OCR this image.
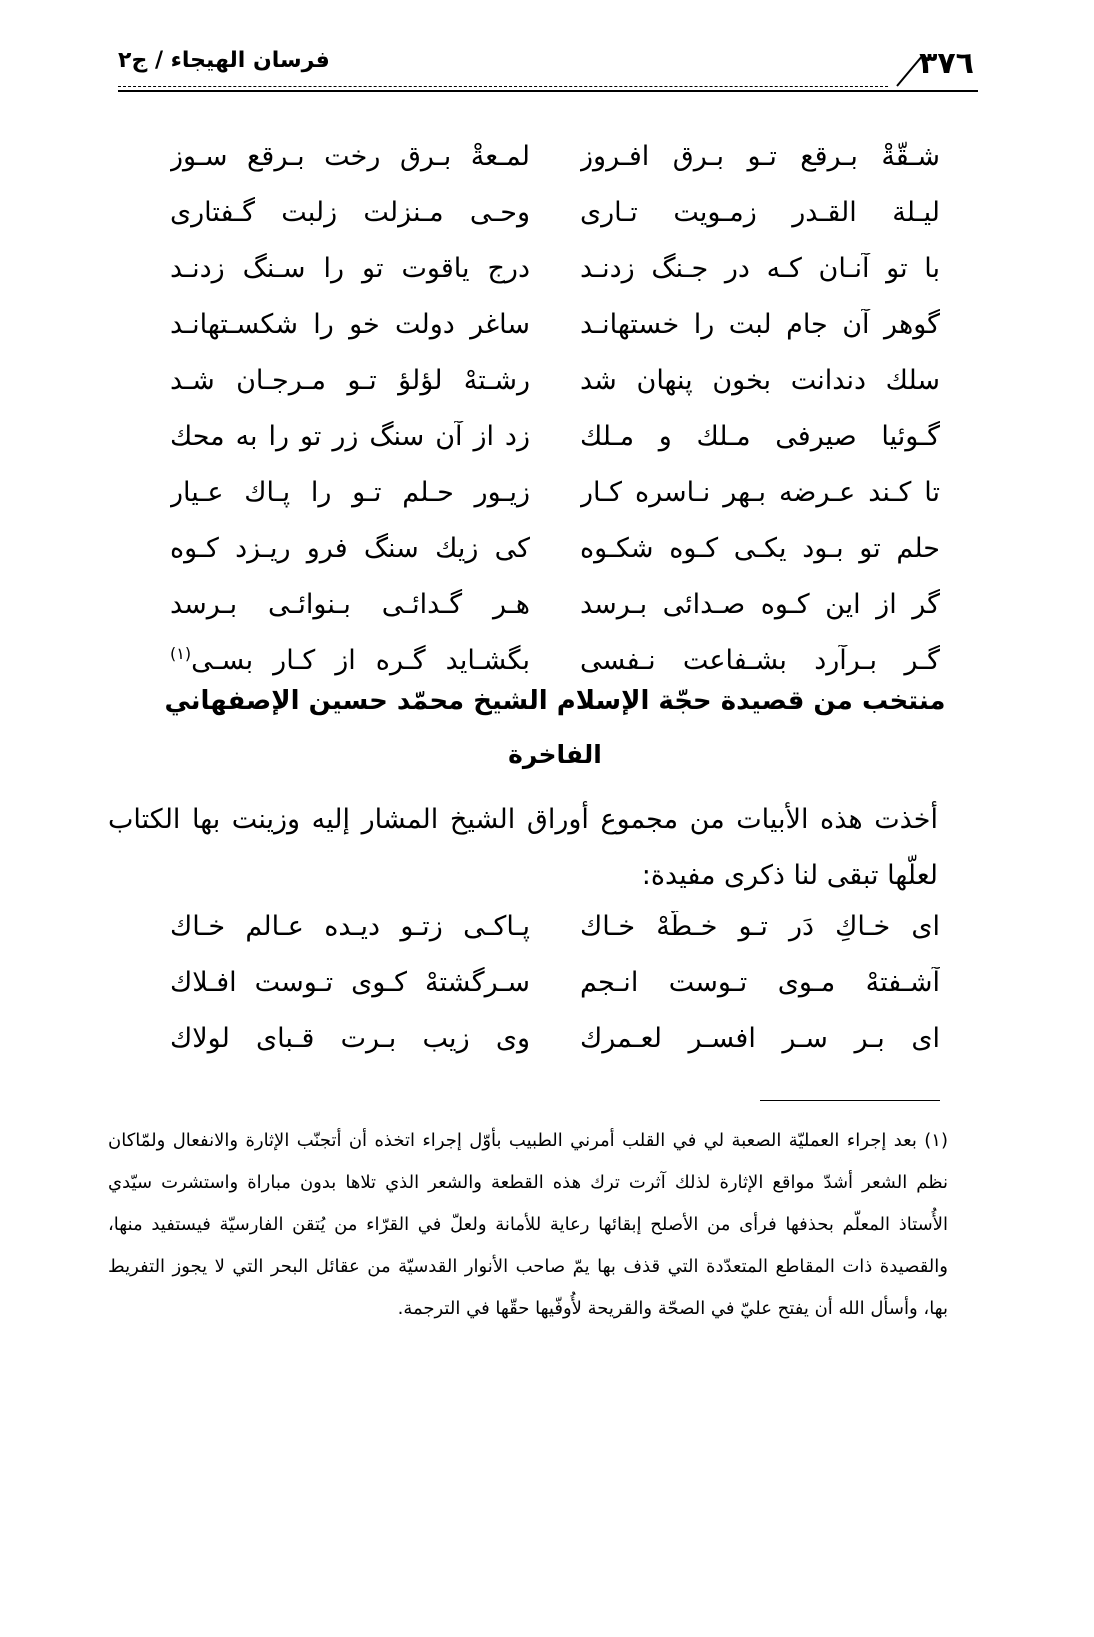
۳۷٦
فرسان الهيجاء / ج۲
شـقّةْ بـرقع تـو بـرق افـروز
لمـعةْ بـرق رخت بـرقع سـوز
ليـلة القـدر زمـويت تـارى
وحـى مـنزلت زلبت گـفتارى
با تو آنـان كـه درِ جـنگ زدنـد
درج ياقوت تو را سـنگ زدنـد
گوهر آن جام لبت را خستهانـد
ساغر دولت خو را شكسـتهانـد
سلك دندانت بخون پنهان شد
رشـتهْ لؤلؤ تـو مـرجـان شـد
گـوئيا صيرفى مـلك و مـلك
زد از آن سنگ زر تو را به محك
تا كـند عـرضه بـهر نـاسره كـار
زيـور حـلم تـو را پـاك عـيار
حلم تو بـود يكـى كـوه شكـوه
كى زيك سنگ فرو ريـزد كـوه
گر از اين كـوه صـدائى بـرسد
هـر گـدائـى بـنوائـى بـرسد
گـر بـرآرد بشـفاعت نـفسى
بگشـايد گـره از كـار بسـى$^{(١)}$
منتخب من قصيدة حجّة الإسلام الشيخ محمّد حسين الإصفهاني
الفاخرة
أخذت هذه الأبيات من مجموع أوراق الشيخ المشار إليه وزينت بها الكتاب لعلّها تبقى لنا ذكرى مفيدة:
اى خـاكِ دَرِ تـو خـطّهْ خـاك
پـاكـى زتـو ديـده عـالم خـاك
آشـفتهْ مـوى تـوست انـجم
سـرگشتهْ كـوى تـوست افـلاك
اى بـر سـر افسـر لعـمرك
وى زيب بـرت قـباى لولاك
(١) بعد إجراء العمليّة الصعبة لي في القلب أمرني الطبيب بأوّل إجراء اتخذه أن أتجنّب الإثارة والانفعال ولمّاكان نظم الشعر أشدّ مواقع الإثارة لذلك آثرت ترك هذه القطعة والشعر الذي تلاها بدون مباراة واستشرت سيّدي الأُستاذ المعلّم بحذفها فرأى من الأصلح إبقائها رعاية للأمانة ولعلّ في القرّاء من يُتقن الفارسيّة فيستفيد منها، والقصيدة ذات المقاطع المتعدّدة التي قذف بها يمّ صاحب الأنوار القدسيّة من عقائل البحر التي لا يجوز التفريط بها، وأسأل الله أن يفتح عليّ في الصحّة والقريحة لأُوفّيها حقّها في الترجمة.
